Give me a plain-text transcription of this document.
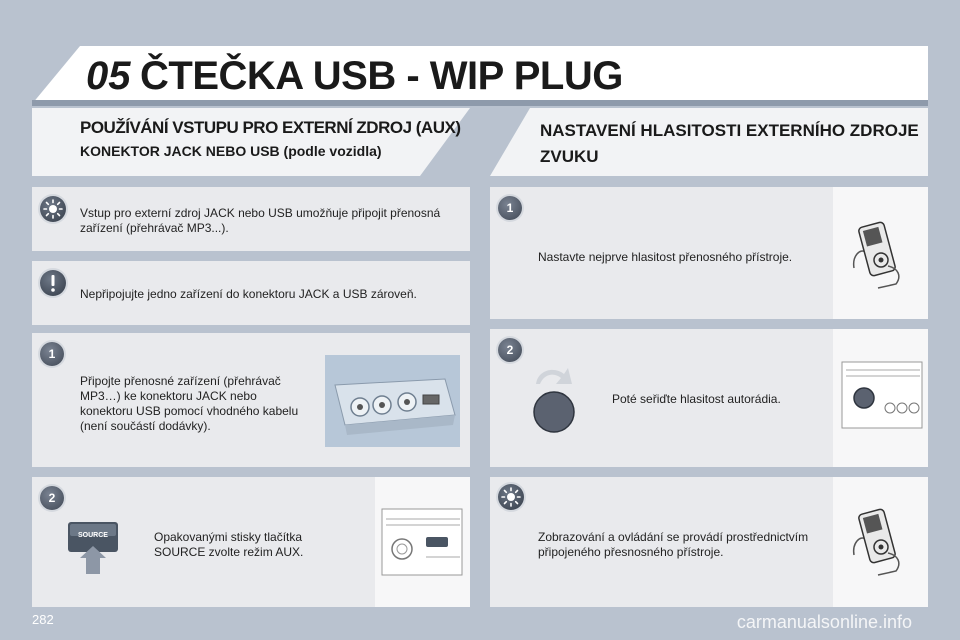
05 ČTEČKA USB - WIP PLUG
POUŽÍVÁNÍ VSTUPU PRO EXTERNÍ ZDROJ (AUX)
KONEKTOR JACK NEBO USB (podle vozidla)
NASTAVENÍ HLASITOSTI EXTERNÍHO ZDROJE ZVUKU
Vstup pro externí zdroj JACK nebo USB umožňuje připojit přenosná zařízení (přehrávač MP3...).
Nepřipojujte jedno zařízení do konektoru JACK a USB zároveň.
1
Připojte přenosné zařízení (přehrávač MP3…) ke konektoru JACK nebo konektoru USB pomocí vhodného kabelu (není součástí dodávky).
2
SOURCE	Opakovanými stisky tlačítka SOURCE zvolte režim AUX.
1
Nastavte nejprve hlasitost přenosného přístroje.
2
Poté seřiďte hlasitost autorádia.
Zobrazování a ovládání se provádí prostřednictvím připojeného přesnosného přístroje.
282	carmanualsonline.info
